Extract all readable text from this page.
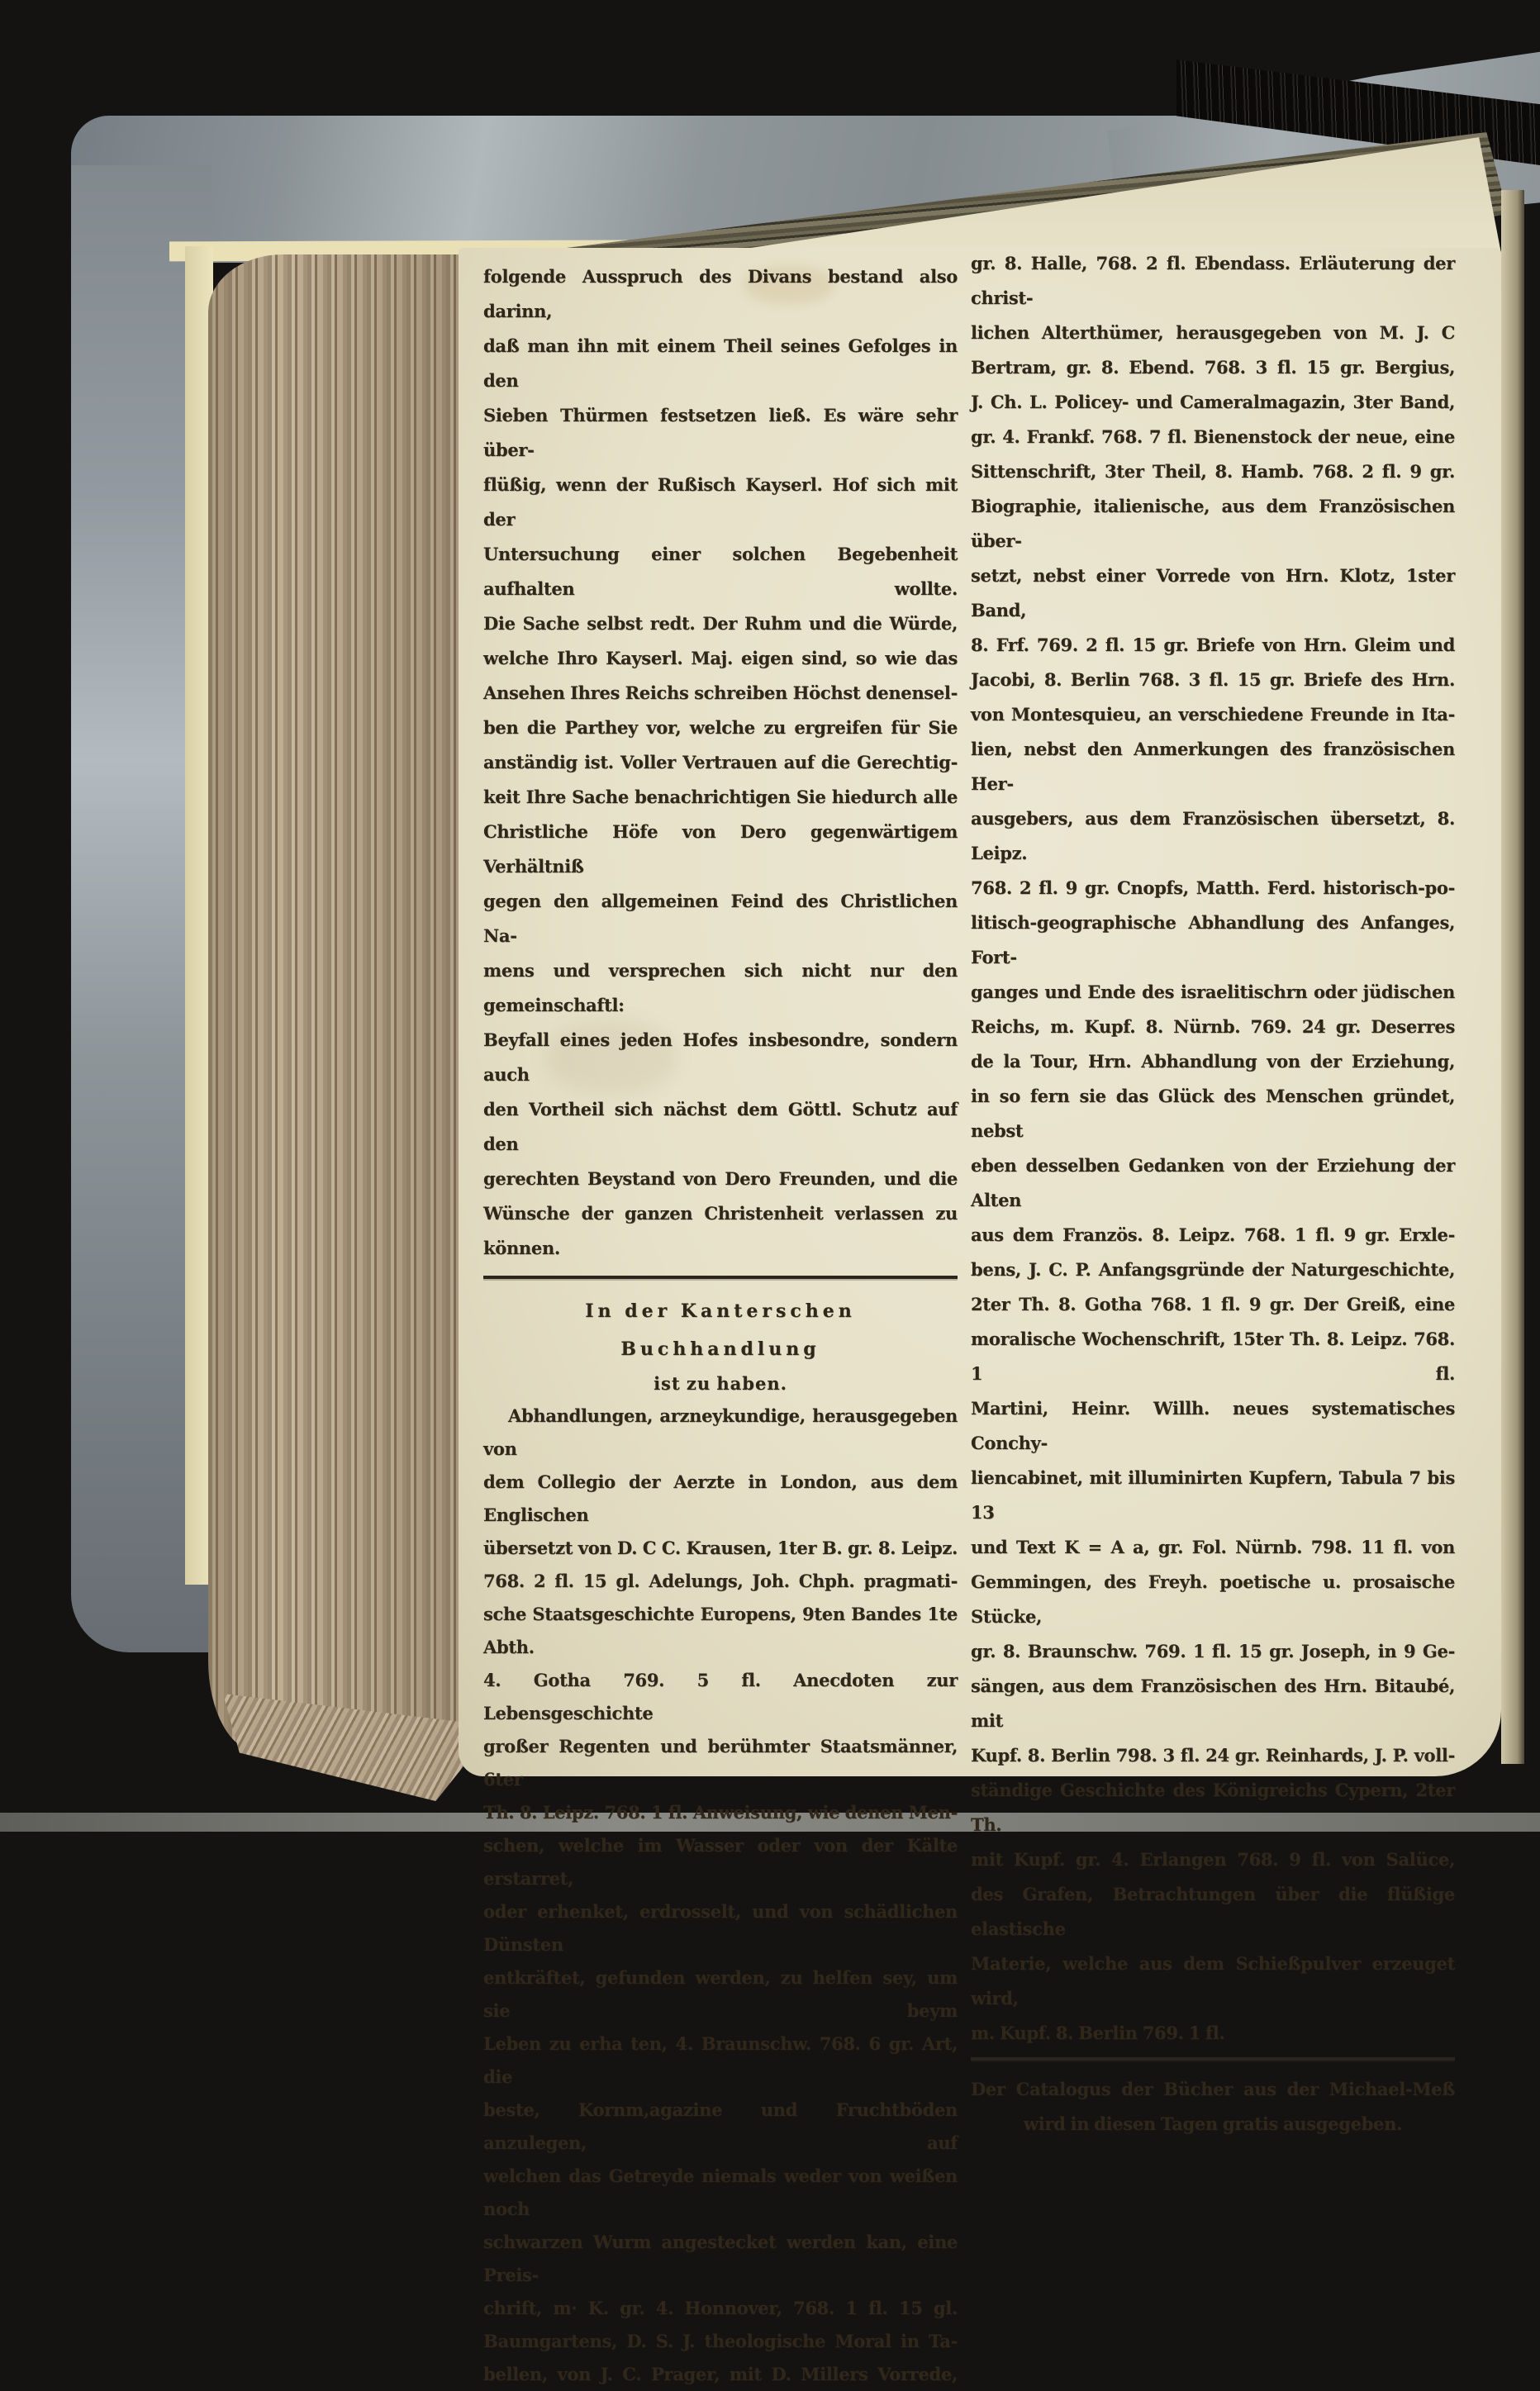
folgende Ausspruch des Divans bestand also darinn,
daß man ihn mit einem Theil seines Gefolges in den
Sieben Thürmen festsetzen ließ. Es wäre sehr über-
flüßig, wenn der Rußisch Kayserl. Hof sich mit der
Untersuchung einer solchen Begebenheit aufhalten wollte.
Die Sache selbst redt. Der Ruhm und die Würde,
welche Ihro Kayserl. Maj. eigen sind, so wie das
Ansehen Ihres Reichs schreiben Höchst denensel-
ben die Parthey vor, welche zu ergreifen für Sie
anständig ist. Voller Vertrauen auf die Gerechtig-
keit Ihre Sache benachrichtigen Sie hiedurch alle
Christliche Höfe von Dero gegenwärtigem Verhältniß
gegen den allgemeinen Feind des Christlichen Na-
mens und versprechen sich nicht nur den gemeinschaftl:
Beyfall eines jeden Hofes insbesondre, sondern auch
den Vortheil sich nächst dem Göttl. Schutz auf den
gerechten Beystand von Dero Freunden, und die
Wünsche der ganzen Christenheit verlassen zu können.
In der Kanterschen Buchhandlung
ist zu haben.
Abhandlungen, arzneykundige, herausgegeben von
dem Collegio der Aerzte in London, aus dem Englischen
übersetzt von D. C C. Krausen, 1ter B. gr. 8. Leipz.
768. 2 fl. 15 gl. Adelungs, Joh. Chph. pragmati-
sche Staatsgeschichte Europens, 9ten Bandes 1te Abth.
4. Gotha 769. 5 fl. Anecdoten zur Lebensgeschichte
großer Regenten und berühmter Staatsmänner, 6ter
Th. 8. Leipz. 768. 1 fl. Anweisung, wie denen Men-
schen, welche im Wasser oder von der Kälte erstarret,
oder erhenket, erdrosselt, und von schädlichen Dünsten
entkräftet, gefunden werden, zu helfen sey, um sie beym
Leben zu erha ten, 4. Braunschw. 768. 6 gr. Art, die
beste, Kornm,agazine und Fruchtböden anzulegen, auf
welchen das Getreyde niemals weder von weißen noch
schwarzen Wurm angestecket werden kan, eine Preis-
chrift, m· K. gr. 4. Honnover, 768. 1 fl. 15 gl.
Baumgartens, D. S. J. theologische Moral in Ta-
bellen, von J. C. Prager, mit D. Millers Vorrede,
gr. 8. Halle, 768. 2 fl. Ebendass. Erläuterung der christ-
lichen Alterthümer, herausgegeben von M. J. C
Bertram, gr. 8. Ebend. 768. 3 fl. 15 gr. Bergius,
J. Ch. L. Policey- und Cameralmagazin, 3ter Band,
gr. 4. Frankf. 768. 7 fl. Bienenstock der neue, eine
Sittenschrift, 3ter Theil, 8. Hamb. 768. 2 fl. 9 gr.
Biographie, italienische, aus dem Französischen über-
setzt, nebst einer Vorrede von Hrn. Klotz, 1ster Band,
8. Frf. 769. 2 fl. 15 gr. Briefe von Hrn. Gleim und
Jacobi, 8. Berlin 768. 3 fl. 15 gr. Briefe des Hrn.
von Montesquieu, an verschiedene Freunde in Ita-
lien, nebst den Anmerkungen des französischen Her-
ausgebers, aus dem Französischen übersetzt, 8. Leipz.
768. 2 fl. 9 gr. Cnopfs, Matth. Ferd. historisch-po-
litisch-geographische Abhandlung des Anfanges, Fort-
ganges und Ende des israelitischrn oder jüdischen
Reichs, m. Kupf. 8. Nürnb. 769. 24 gr. Deserres
de la Tour, Hrn. Abhandlung von der Erziehung,
in so fern sie das Glück des Menschen gründet, nebst
eben desselben Gedanken von der Erziehung der Alten
aus dem Französ. 8. Leipz. 768. 1 fl. 9 gr. Erxle-
bens, J. C. P. Anfangsgründe der Naturgeschichte,
2ter Th. 8. Gotha 768. 1 fl. 9 gr. Der Greiß, eine
moralische Wochenschrift, 15ter Th. 8. Leipz. 768. 1 fl.
Martini, Heinr. Willh. neues systematisches Conchy-
liencabinet, mit illuminirten Kupfern, Tabula 7 bis 13
und Text K = A a, gr. Fol. Nürnb. 798. 11 fl. von
Gemmingen, des Freyh. poetische u. prosaische Stücke,
gr. 8. Braunschw. 769. 1 fl. 15 gr. Joseph, in 9 Ge-
sängen, aus dem Französischen des Hrn. Bitaubé, mit
Kupf. 8. Berlin 798. 3 fl. 24 gr. Reinhards, J. P. voll-
ständige Geschichte des Königreichs Cypern, 2ter Th.
mit Kupf. gr. 4. Erlangen 768. 9 fl. von Salüce,
des Grafen, Betrachtungen über die flüßige elastische
Materie, welche aus dem Schießpulver erzeuget wird,
m. Kupf. 8. Berlin 769. 1 fl.
Der Catalogus der Bücher aus der Michael-Meß
wird in diesen Tagen gratis ausgegeben.
